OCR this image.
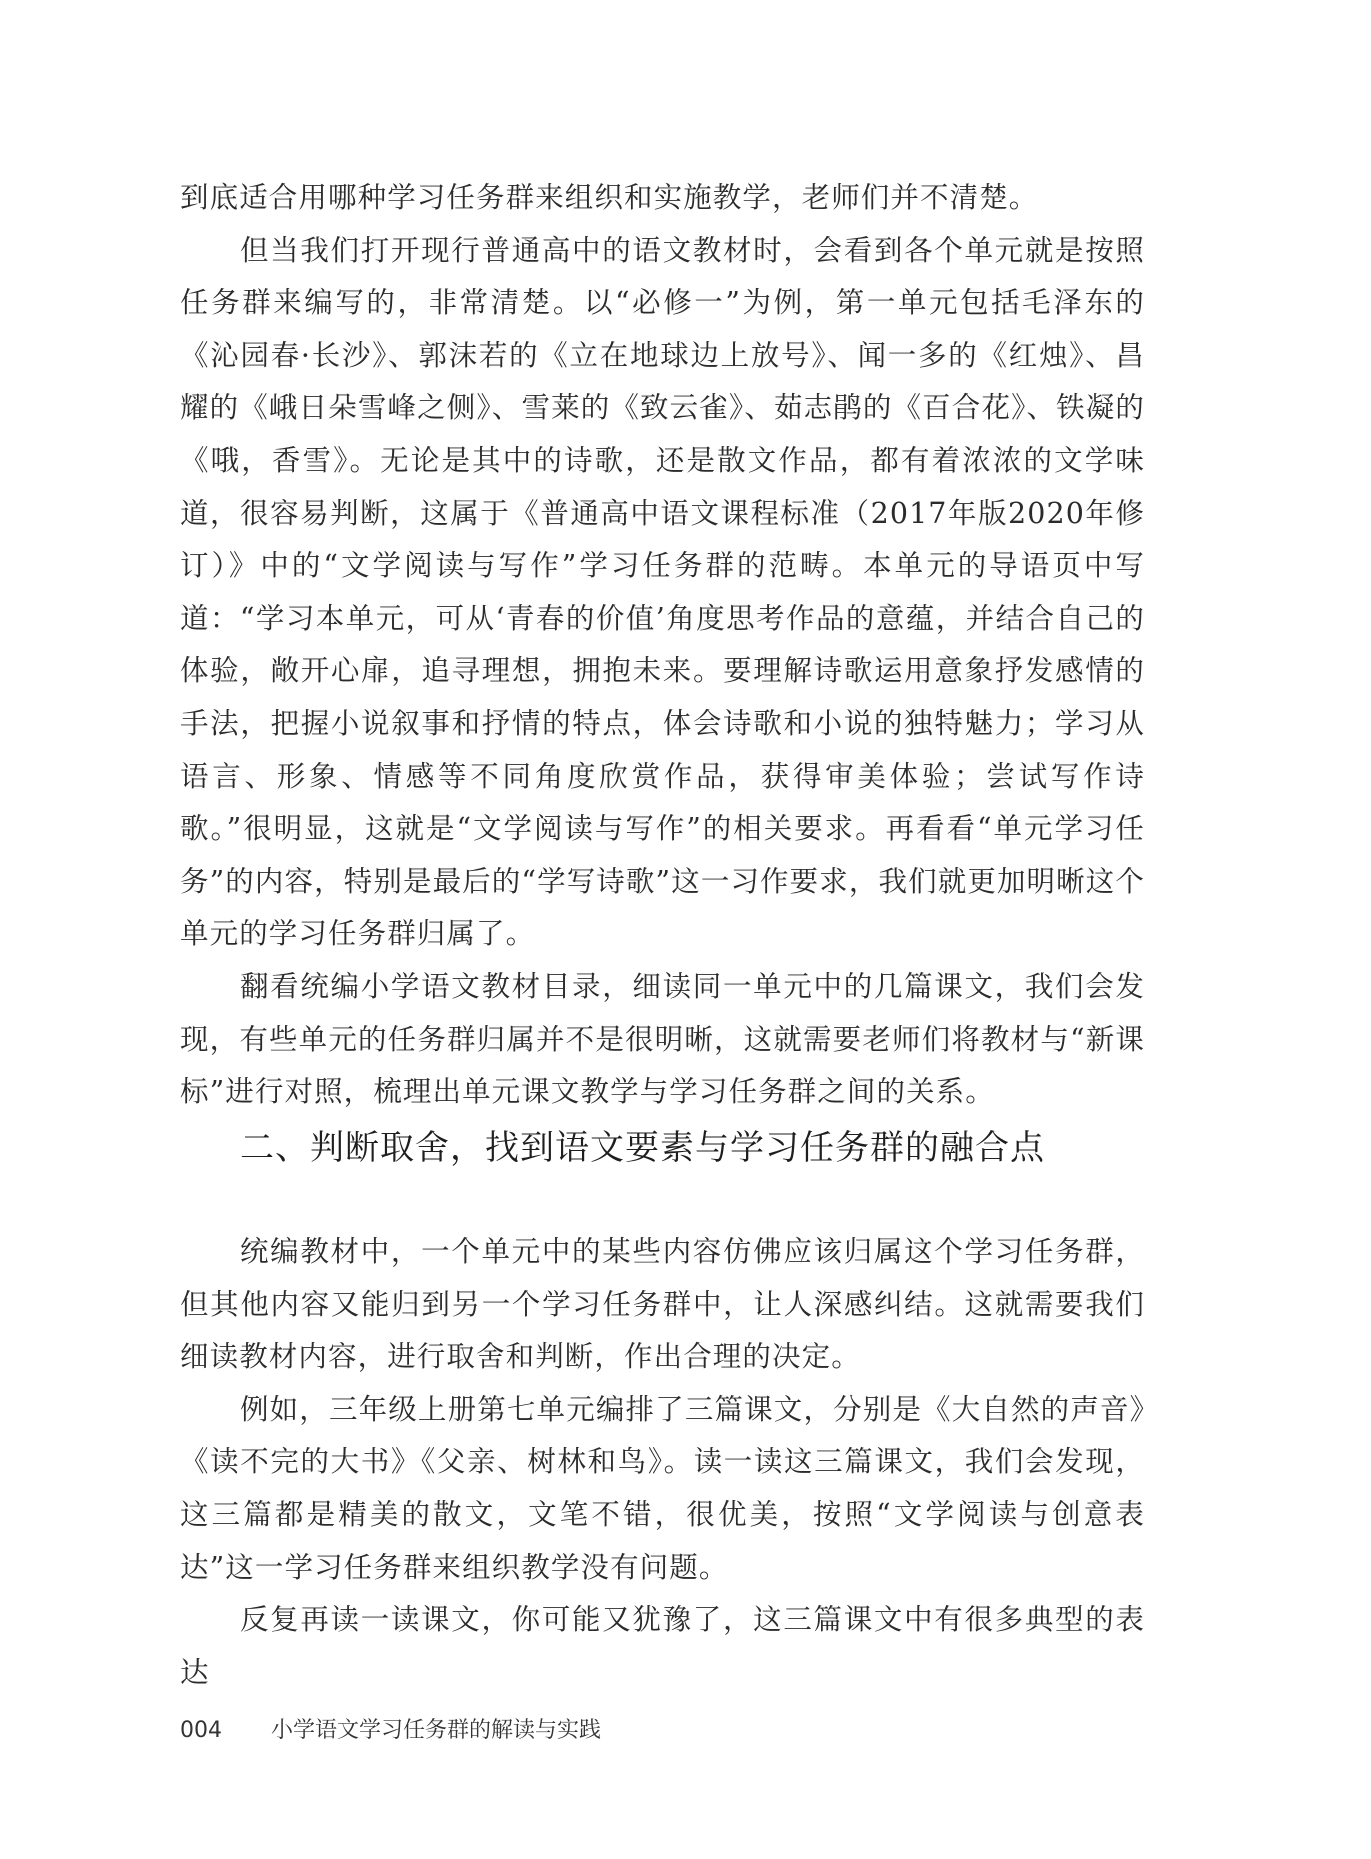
到底适合用哪种学习任务群来组织和实施教学，老师们并不清楚。

但当我们打开现行普通高中的语文教材时，会看到各个单元就是按照任务群来编写的，非常清楚。以“必修一”为例，第一单元包括毛泽东的《沁园春·长沙》、郭沫若的《立在地球边上放号》、闻一多的《红烛》、昌耀的《峨日朵雪峰之侧》、雪莱的《致云雀》、茹志鹃的《百合花》、铁凝的《哦，香雪》。无论是其中的诗歌，还是散文作品，都有着浓浓的文学味道，很容易判断，这属于《普通高中语文课程标准（2017年版2020年修订）》中的“文学阅读与写作”学习任务群的范畴。本单元的导语页中写道：“学习本单元，可从‘青春的价值’角度思考作品的意蕴，并结合自己的体验，敞开心扉，追寻理想，拥抱未来。要理解诗歌运用意象抒发感情的手法，把握小说叙事和抒情的特点，体会诗歌和小说的独特魅力；学习从语言、形象、情感等不同角度欣赏作品，获得审美体验；尝试写作诗歌。”很明显，这就是“文学阅读与写作”的相关要求。再看看“单元学习任务”的内容，特别是最后的“学写诗歌”这一习作要求，我们就更加明晰这个单元的学习任务群归属了。

翻看统编小学语文教材目录，细读同一单元中的几篇课文，我们会发现，有些单元的任务群归属并不是很明晰，这就需要老师们将教材与“新课标”进行对照，梳理出单元课文教学与学习任务群之间的关系。

二、判断取舍，找到语文要素与学习任务群的融合点

统编教材中，一个单元中的某些内容仿佛应该归属这个学习任务群，但其他内容又能归到另一个学习任务群中，让人深感纠结。这就需要我们细读教材内容，进行取舍和判断，作出合理的决定。

例如，三年级上册第七单元编排了三篇课文，分别是《大自然的声音》《读不完的大书》《父亲、树林和鸟》。读一读这三篇课文，我们会发现，这三篇都是精美的散文，文笔不错，很优美，按照“文学阅读与创意表达”这一学习任务群来组织教学没有问题。

反复再读一读课文，你可能又犹豫了，这三篇课文中有很多典型的表达

004 小学语文学习任务群的解读与实践
